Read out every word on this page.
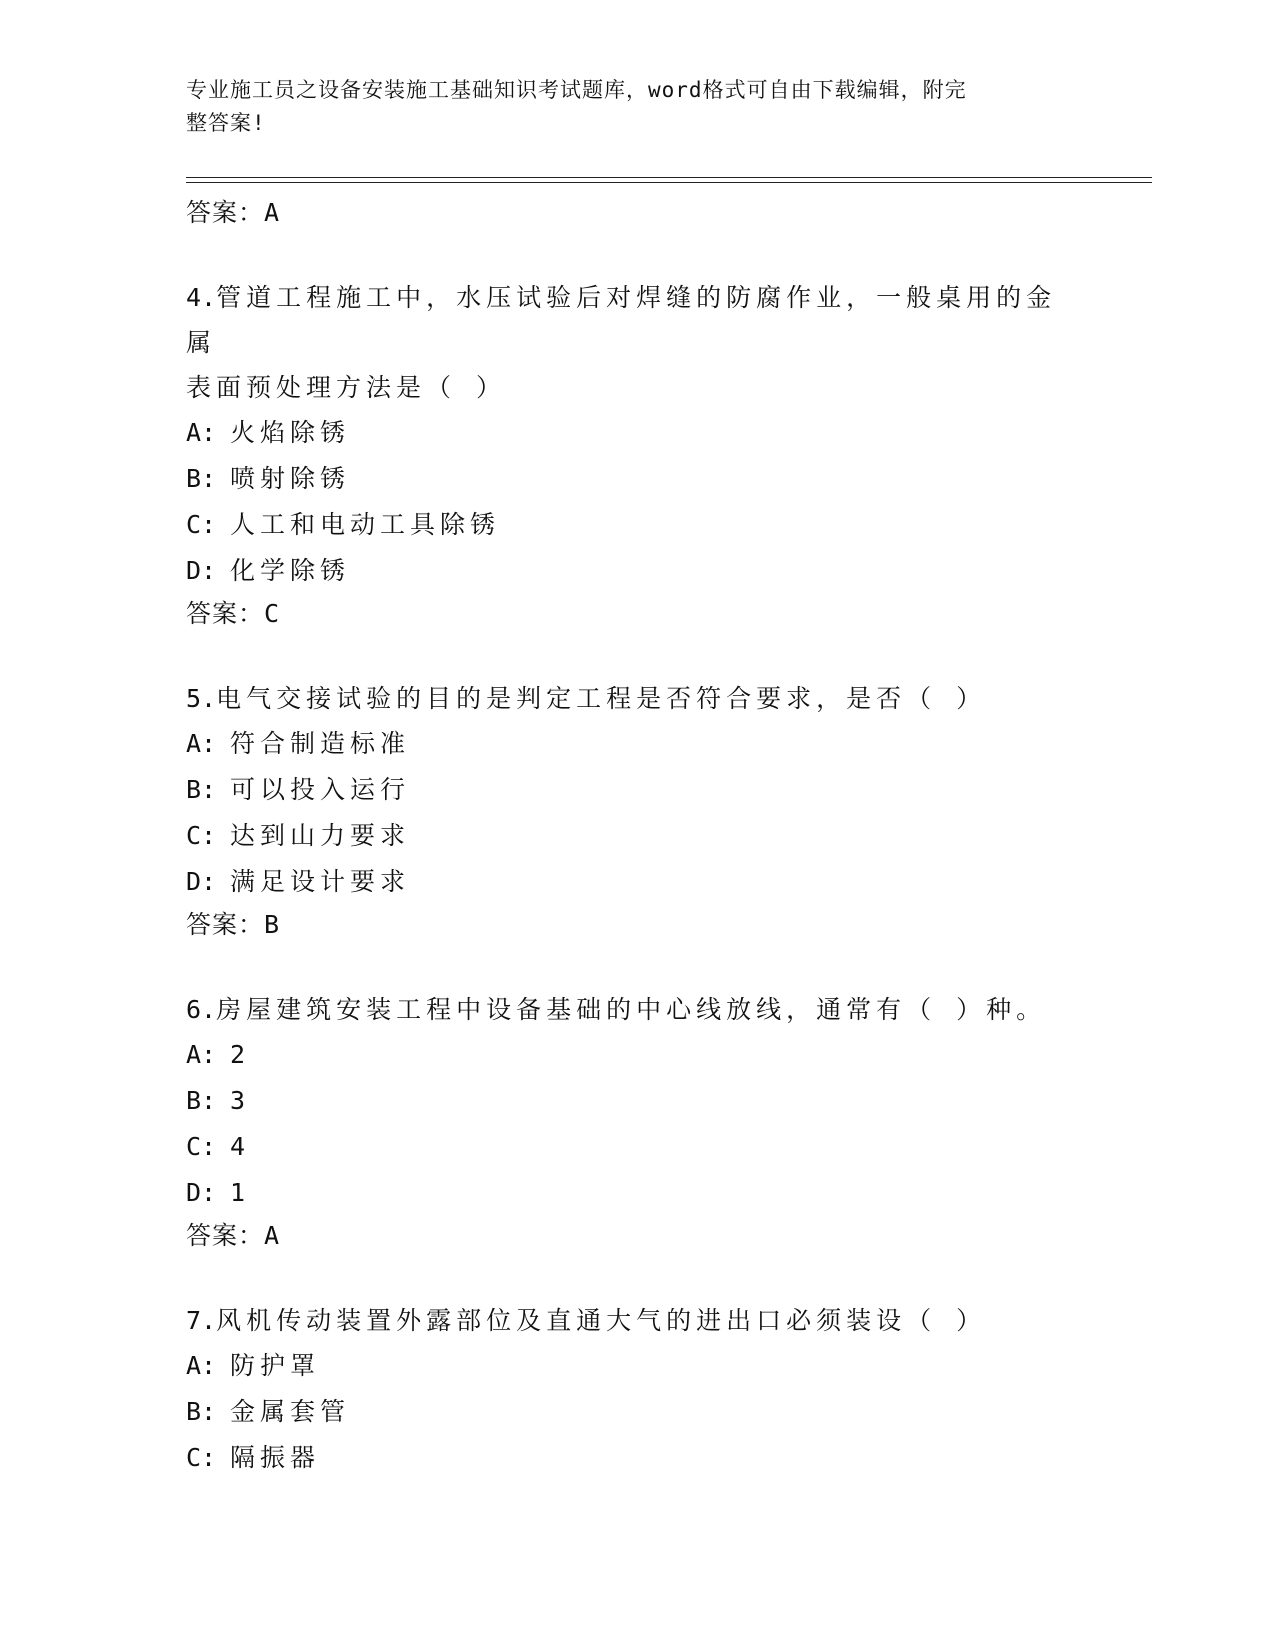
专业施工员之设备安装施工基础知识考试题库，word格式可自由下载编辑，附完
整答案!
答案：A
4.管道工程施工中，水压试验后对焊缝的防腐作业，一般桌用的金属
表面预处理方法是（ ）
A: 火焰除锈
B: 喷射除锈
C: 人工和电动工具除锈
D: 化学除锈
答案：C
5.电气交接试验的目的是判定工程是否符合要求，是否（ ）
A: 符合制造标准
B: 可以投入运行
C: 达到山力要求
D: 满足设计要求
答案：B
6.房屋建筑安装工程中设备基础的中心线放线，通常有（ ）种。
A: 2
B: 3
C: 4
D: 1
答案：A
7.风机传动装置外露部位及直通大气的进出口必须装设（ ）
A: 防护罩
B: 金属套管
C: 隔振器
